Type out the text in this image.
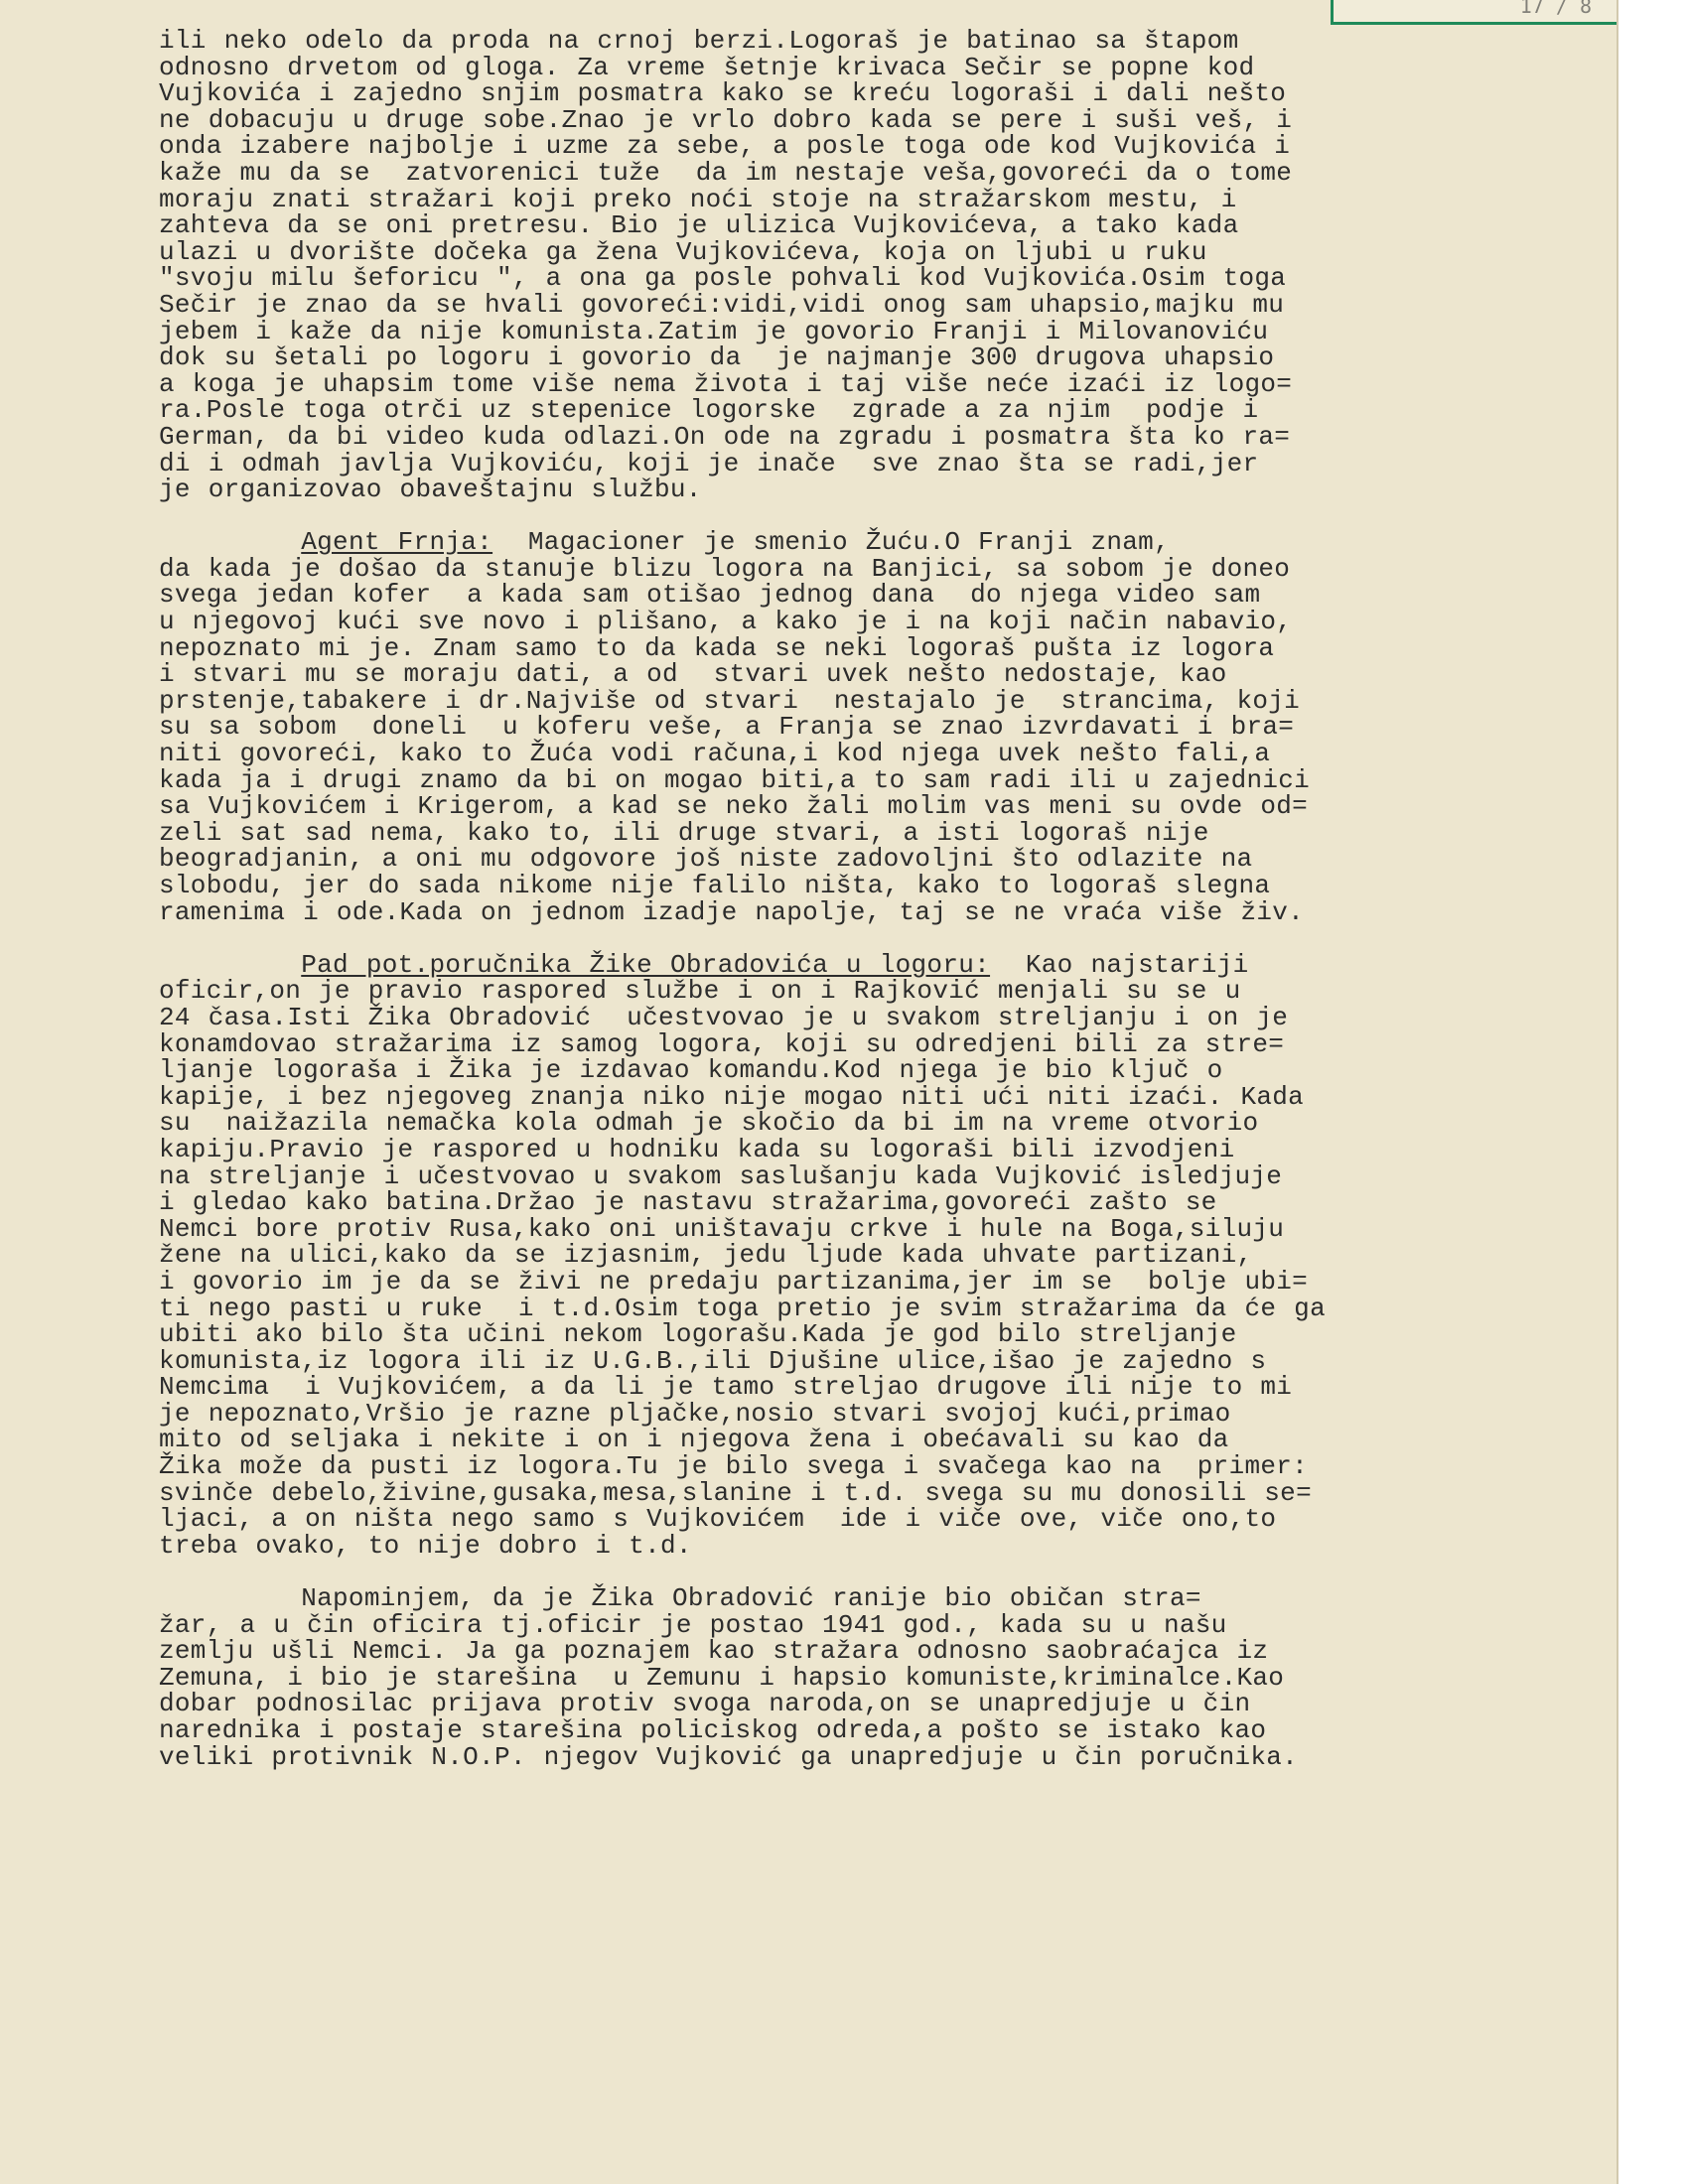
17 / 8
ili neko odelo da proda na crnoj berzi.Logoraš je batinao sa štapom
odnosno drvetom od gloga. Za vreme šetnje krivaca Sečir se popne kod
Vujkovića i zajedno snjim posmatra kako se kreću logoraši i dali nešto
ne dobacuju u druge sobe.Znao je vrlo dobro kada se pere i suši veš, i
onda izabere najbolje i uzme za sebe, a posle toga ode kod Vujkovića i
kaže mu da se  zatvorenici tuže  da im nestaje veša,govoreći da o tome
moraju znati stražari koji preko noći stoje na stražarskom mestu, i
zahteva da se oni pretresu. Bio je ulizica Vujkovićeva, a tako kada
ulazi u dvorište dočeka ga žena Vujkovićeva, koja on ljubi u ruku
"svoju milu šeforicu ", a ona ga posle pohvali kod Vujkovića.Osim toga
Sečir je znao da se hvali govoreći:vidi,vidi onog sam uhapsio,majku mu
jebem i kaže da nije komunista.Zatim je govorio Franji i Milovanoviću
dok su šetali po logoru i govorio da  je najmanje 300 drugova uhapsio
a koga je uhapsim tome više nema života i taj više neće izaći iz logo=
ra.Posle toga otrči uz stepenice logorske  zgrade a za njim  podje i
German, da bi video kuda odlazi.On ode na zgradu i posmatra šta ko ra=
di i odmah javlja Vujkoviću, koji je inače  sve znao šta se radi,jer
je organizovao obaveštajnu službu.
Agent Frnja:  Magacioner je smenio Žuću.O Franji znam,
da kada je došao da stanuje blizu logora na Banjici, sa sobom je doneo
svega jedan kofer  a kada sam otišao jednog dana  do njega video sam
u njegovoj kući sve novo i plišano, a kako je i na koji način nabavio,
nepoznato mi je. Znam samo to da kada se neki logoraš pušta iz logora
i stvari mu se moraju dati, a od  stvari uvek nešto nedostaje, kao
prstenje,tabakere i dr.Najviše od stvari  nestajalo je  strancima, koji
su sa sobom  doneli  u koferu veše, a Franja se znao izvrdavati i bra=
niti govoreći, kako to Žuća vodi računa,i kod njega uvek nešto fali,a
kada ja i drugi znamo da bi on mogao biti,a to sam radi ili u zajednici
sa Vujkovićem i Krigerom, a kad se neko žali molim vas meni su ovde od=
zeli sat sad nema, kako to, ili druge stvari, a isti logoraš nije
beogradjanin, a oni mu odgovore još niste zadovoljni što odlazite na
slobodu, jer do sada nikome nije falilo ništa, kako to logoraš slegna
ramenima i ode.Kada on jednom izadje napolje, taj se ne vraća više živ.
Pad pot.poručnika Žike Obradovića u logoru:  Kao najstariji
oficir,on je pravio raspored službe i on i Rajković menjali su se u
24 časa.Isti Žika Obradović  učestvovao je u svakom streljanju i on je
konamdovao stražarima iz samog logora, koji su odredjeni bili za stre=
ljanje logoraša i Žika je izdavao komandu.Kod njega je bio ključ o
kapije, i bez njegoveg znanja niko nije mogao niti ući niti izaći. Kada
su  naižazila nemačka kola odmah je skočio da bi im na vreme otvorio
kapiju.Pravio je raspored u hodniku kada su logoraši bili izvodjeni
na streljanje i učestvovao u svakom saslušanju kada Vujković isledjuje
i gledao kako batina.Držao je nastavu stražarima,govoreći zašto se
Nemci bore protiv Rusa,kako oni uništavaju crkve i hule na Boga,siluju
žene na ulici,kako da se izjasnim, jedu ljude kada uhvate partizani,
i govorio im je da se živi ne predaju partizanima,jer im se  bolje ubi=
ti nego pasti u ruke  i t.d.Osim toga pretio je svim stražarima da će ga
ubiti ako bilo šta učini nekom logorašu.Kada je god bilo streljanje
komunista,iz logora ili iz U.G.B.,ili Djušine ulice,išao je zajedno s
Nemcima  i Vujkovićem, a da li je tamo streljao drugove ili nije to mi
je nepoznato,Vršio je razne pljačke,nosio stvari svojoj kući,primao
mito od seljaka i nekite i on i njegova žena i obećavali su kao da
Žika može da pusti iz logora.Tu je bilo svega i svačega kao na  primer:
svinče debelo,živine,gusaka,mesa,slanine i t.d. svega su mu donosili se=
ljaci, a on ništa nego samo s Vujkovićem  ide i viče ove, viče ono,to
treba ovako, to nije dobro i t.d.
Napominjem, da je Žika Obradović ranije bio običan stra=
žar, a u čin oficira tj.oficir je postao 1941 god., kada su u našu
zemlju ušli Nemci. Ja ga poznajem kao stražara odnosno saobraćajca iz
Zemuna, i bio je starešina  u Zemunu i hapsio komuniste,kriminalce.Kao
dobar podnosilac prijava protiv svoga naroda,on se unapredjuje u čin
narednika i postaje starešina policiskog odreda,a pošto se istako kao
veliki protivnik N.O.P. njegov Vujković ga unapredjuje u čin poručnika.
